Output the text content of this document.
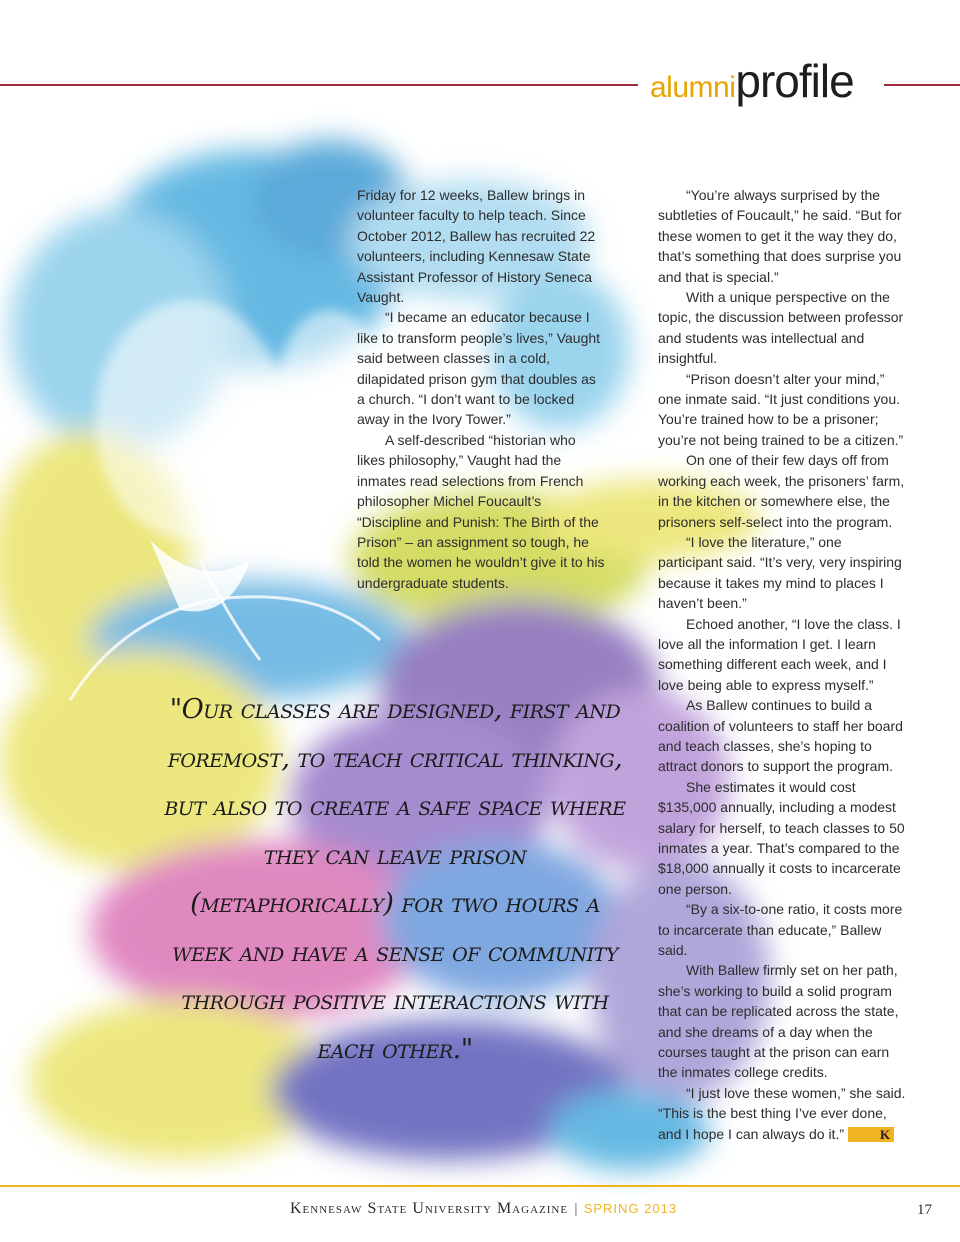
alumniprofile

Friday for 12 weeks, Ballew brings in volunteer faculty to help teach. Since October 2012, Ballew has recruited 22 volunteers, including Kennesaw State Assistant Professor of History Seneca Vaught.

“I became an educator because I like to transform people’s lives,” Vaught said between classes in a cold, dilapidated prison gym that doubles as a church. “I don’t want to be locked away in the Ivory Tower.”

A self-described “historian who likes philosophy,” Vaught had the inmates read selections from French philosopher Michel Foucault’s “Discipline and Punish: The Birth of the Prison” – an assignment so tough, he told the women he wouldn’t give it to his undergraduate students.

“You’re always surprised by the subtleties of Foucault,” he said. “But for these women to get it the way they do, that’s something that does surprise you and that is special.”

With a unique perspective on the topic, the discussion between professor and students was intellectual and insightful.

“Prison doesn’t alter your mind,” one inmate said. “It just conditions you. You’re trained how to be a prisoner; you’re not being trained to be a citizen.”

On one of their few days off from working each week, the prisoners’ farm, in the kitchen or somewhere else, the prisoners self-select into the program.

“I love the literature,” one participant said. “It’s very, very inspiring because it takes my mind to places I haven’t been.”

Echoed another, “I love the class. I love all the information I get. I learn something different each week, and I love being able to express myself.”

As Ballew continues to build a coalition of volunteers to staff her board and teach classes, she’s hoping to attract donors to support the program.

She estimates it would cost $135,000 annually, including a modest salary for herself, to teach classes to 50 inmates a year. That’s compared to the $18,000 annually it costs to incarcerate one person.

“By a six-to-one ratio, it costs more to incarcerate than educate,” Ballew said.

With Ballew firmly set on her path, she’s working to build a solid program that can be replicated across the state, and she dreams of a day when the courses taught at the prison can earn the inmates college credits.

“I just love these women,” she said. “This is the best thing I’ve ever done, and I hope I can always do it.”	K

"Our classes are designed, first and foremost, to teach critical thinking, but also to create a safe space where they can leave prison (metaphorically) for two hours a week and have a sense of community through positive interactions with each other."
Kennesaw State University Magazine | SPRING 2013	17
